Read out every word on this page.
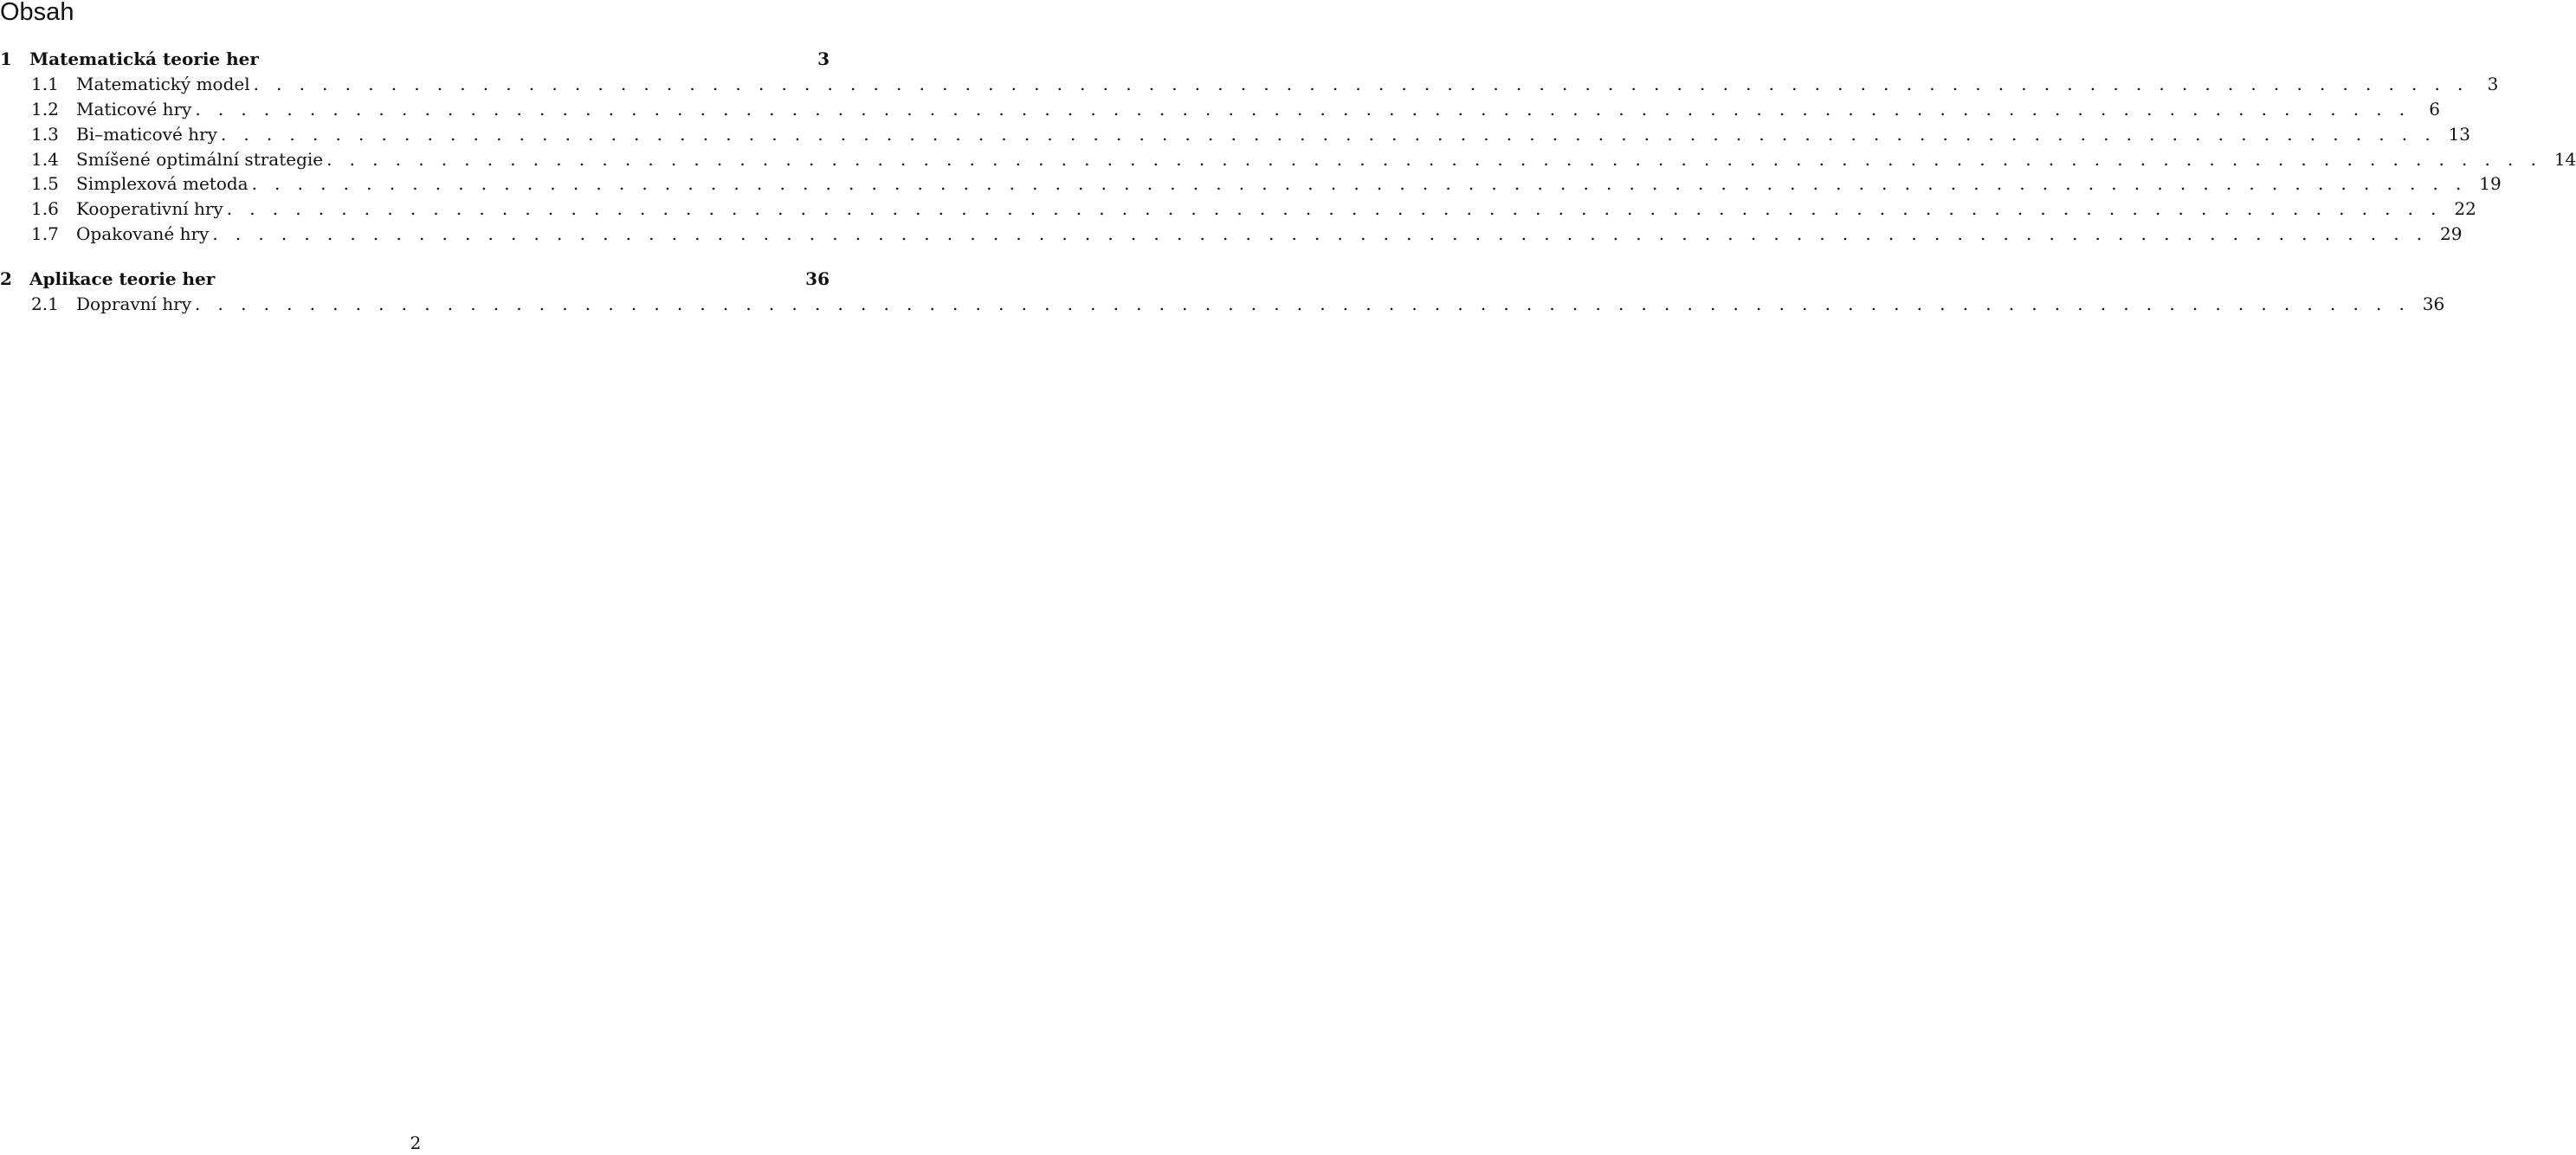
Obsah
1	Matematická teorie her	3
1.1	Matematický model . . . . . . . . . . . . . . . . . . . . . . . . . . . . . . . . . . . . . . . . . . . . . . . . . . . . . . . . . . . . . . . . . . . . . . . . . . . . . . . . . . . . . . . . . . . . . . . . .	3
1.2	Maticové hry . . . . . . . . . . . . . . . . . . . . . . . . . . . . . . . . . . . . . . . . . . . . . . . . . . . . . . . . . . . . . . . . . . . . . . . . . . . . . . . . . . . . . . . . . . . . . . . . .	6
1.3	Bi–maticové hry . . . . . . . . . . . . . . . . . . . . . . . . . . . . . . . . . . . . . . . . . . . . . . . . . . . . . . . . . . . . . . . . . . . . . . . . . . . . . . . . . . . . . . . . . . . . . . . . . 13
1.4	Smíšené optimální strategie . . . . . . . . . . . . . . . . . . . . . . . . . . . . . . . . . . . . . . . . . . . . . . . . . . . . . . . . . . . . . . . . . . . . . . . . . . . . . . . . . . . . . . . . . . . . . . . . . 14
1.5	Simplexová metoda . . . . . . . . . . . . . . . . . . . . . . . . . . . . . . . . . . . . . . . . . . . . . . . . . . . . . . . . . . . . . . . . . . . . . . . . . . . . . . . . . . . . . . . . . . . . . . . . . 19
1.6	Kooperativní hry . . . . . . . . . . . . . . . . . . . . . . . . . . . . . . . . . . . . . . . . . . . . . . . . . . . . . . . . . . . . . . . . . . . . . . . . . . . . . . . . . . . . . . . . . . . . . . . . . 22
1.7	Opakované hry . . . . . . . . . . . . . . . . . . . . . . . . . . . . . . . . . . . . . . . . . . . . . . . . . . . . . . . . . . . . . . . . . . . . . . . . . . . . . . . . . . . . . . . . . . . . . . . . . 29
2	Aplikace teorie her	36
2.1	Dopravní hry . . . . . . . . . . . . . . . . . . . . . . . . . . . . . . . . . . . . . . . . . . . . . . . . . . . . . . . . . . . . . . . . . . . . . . . . . . . . . . . . . . . . . . . . . . . . . . . . . 36
2
